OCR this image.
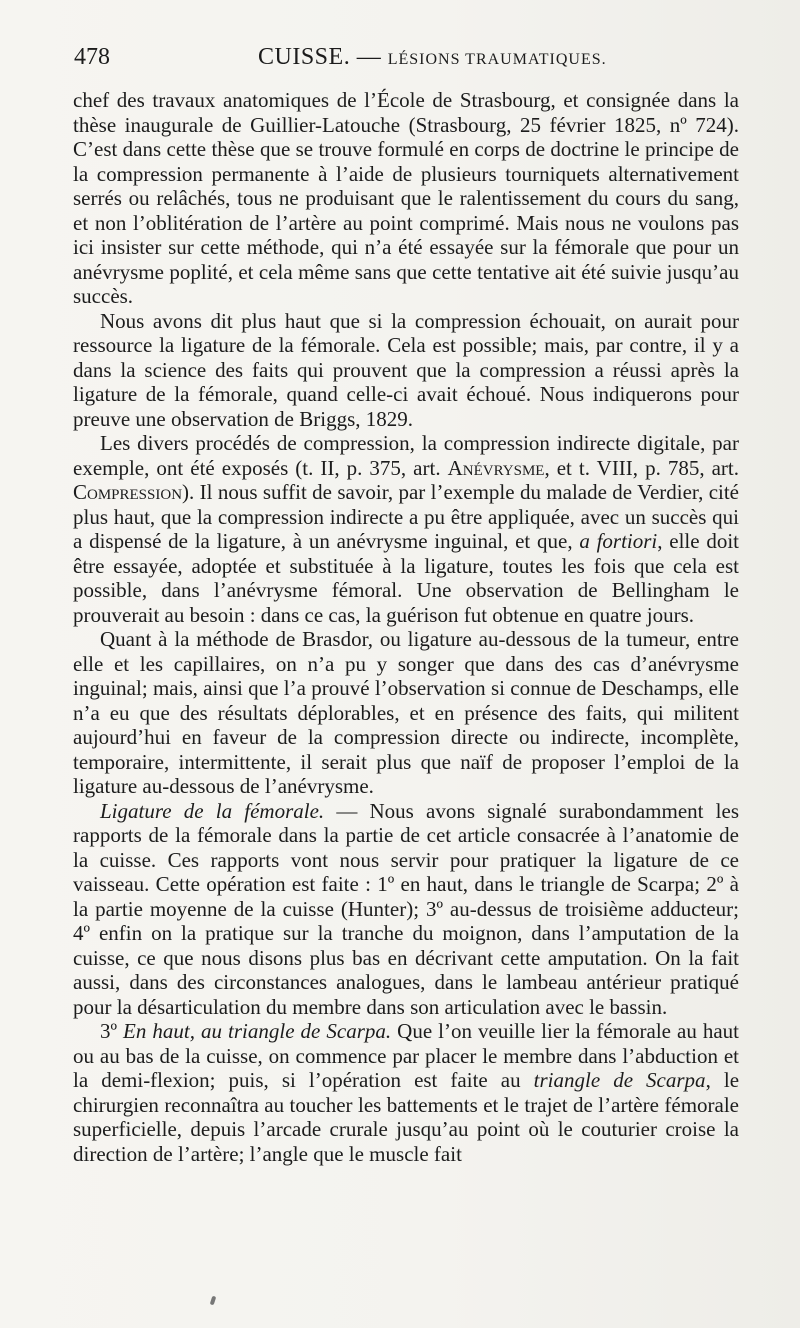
478	CUISSE. — LÉSIONS TRAUMATIQUES.

chef des travaux anatomiques de l’École de Strasbourg, et consignée dans la thèse inaugurale de Guillier-Latouche (Strasbourg, 25 février 1825, nº 724). C’est dans cette thèse que se trouve formulé en corps de doctrine le principe de la compression permanente à l’aide de plusieurs tourniquets alternativement serrés ou relâchés, tous ne produisant que le ralentissement du cours du sang, et non l’oblitération de l’artère au point comprimé. Mais nous ne voulons pas ici insister sur cette méthode, qui n’a été essayée sur la fémorale que pour un anévrysme poplité, et cela même sans que cette tentative ait été suivie jusqu’au succès.

Nous avons dit plus haut que si la compression échouait, on aurait pour ressource la ligature de la fémorale. Cela est possible; mais, par contre, il y a dans la science des faits qui prouvent que la compression a réussi après la ligature de la fémorale, quand celle-ci avait échoué. Nous indiquerons pour preuve une observation de Briggs, 1829.

Les divers procédés de compression, la compression indirecte digitale, par exemple, ont été exposés (t. II, p. 375, art. Anévrysme, et t. VIII, p. 785, art. Compression). Il nous suffit de savoir, par l’exemple du malade de Verdier, cité plus haut, que la compression indirecte a pu être appliquée, avec un succès qui a dispensé de la ligature, à un anévrysme inguinal, et que, a fortiori, elle doit être essayée, adoptée et substituée à la ligature, toutes les fois que cela est possible, dans l’anévrysme fémoral. Une observation de Bellingham le prouverait au besoin : dans ce cas, la guérison fut obtenue en quatre jours.

Quant à la méthode de Brasdor, ou ligature au-dessous de la tumeur, entre elle et les capillaires, on n’a pu y songer que dans des cas d’anévrysme inguinal; mais, ainsi que l’a prouvé l’observation si connue de Deschamps, elle n’a eu que des résultats déplorables, et en présence des faits, qui militent aujourd’hui en faveur de la compression directe ou indirecte, incomplète, temporaire, intermittente, il serait plus que naïf de proposer l’emploi de la ligature au-dessous de l’anévrysme.

Ligature de la fémorale. — Nous avons signalé surabondamment les rapports de la fémorale dans la partie de cet article consacrée à l’anatomie de la cuisse. Ces rapports vont nous servir pour pratiquer la ligature de ce vaisseau. Cette opération est faite : 1º en haut, dans le triangle de Scarpa; 2º à la partie moyenne de la cuisse (Hunter); 3º au-dessus de troisième adducteur; 4º enfin on la pratique sur la tranche du moignon, dans l’amputation de la cuisse, ce que nous disons plus bas en décrivant cette amputation. On la fait aussi, dans des circonstances analogues, dans le lambeau antérieur pratiqué pour la désarticulation du membre dans son articulation avec le bassin.

3º En haut, au triangle de Scarpa. Que l’on veuille lier la fémorale au haut ou au bas de la cuisse, on commence par placer le membre dans l’abduction et la demi-flexion; puis, si l’opération est faite au triangle de Scarpa, le chirurgien reconnaîtra au toucher les battements et le trajet de l’artère fémorale superficielle, depuis l’arcade crurale jusqu’au point où le couturier croise la direction de l’artère; l’angle que le muscle fait
